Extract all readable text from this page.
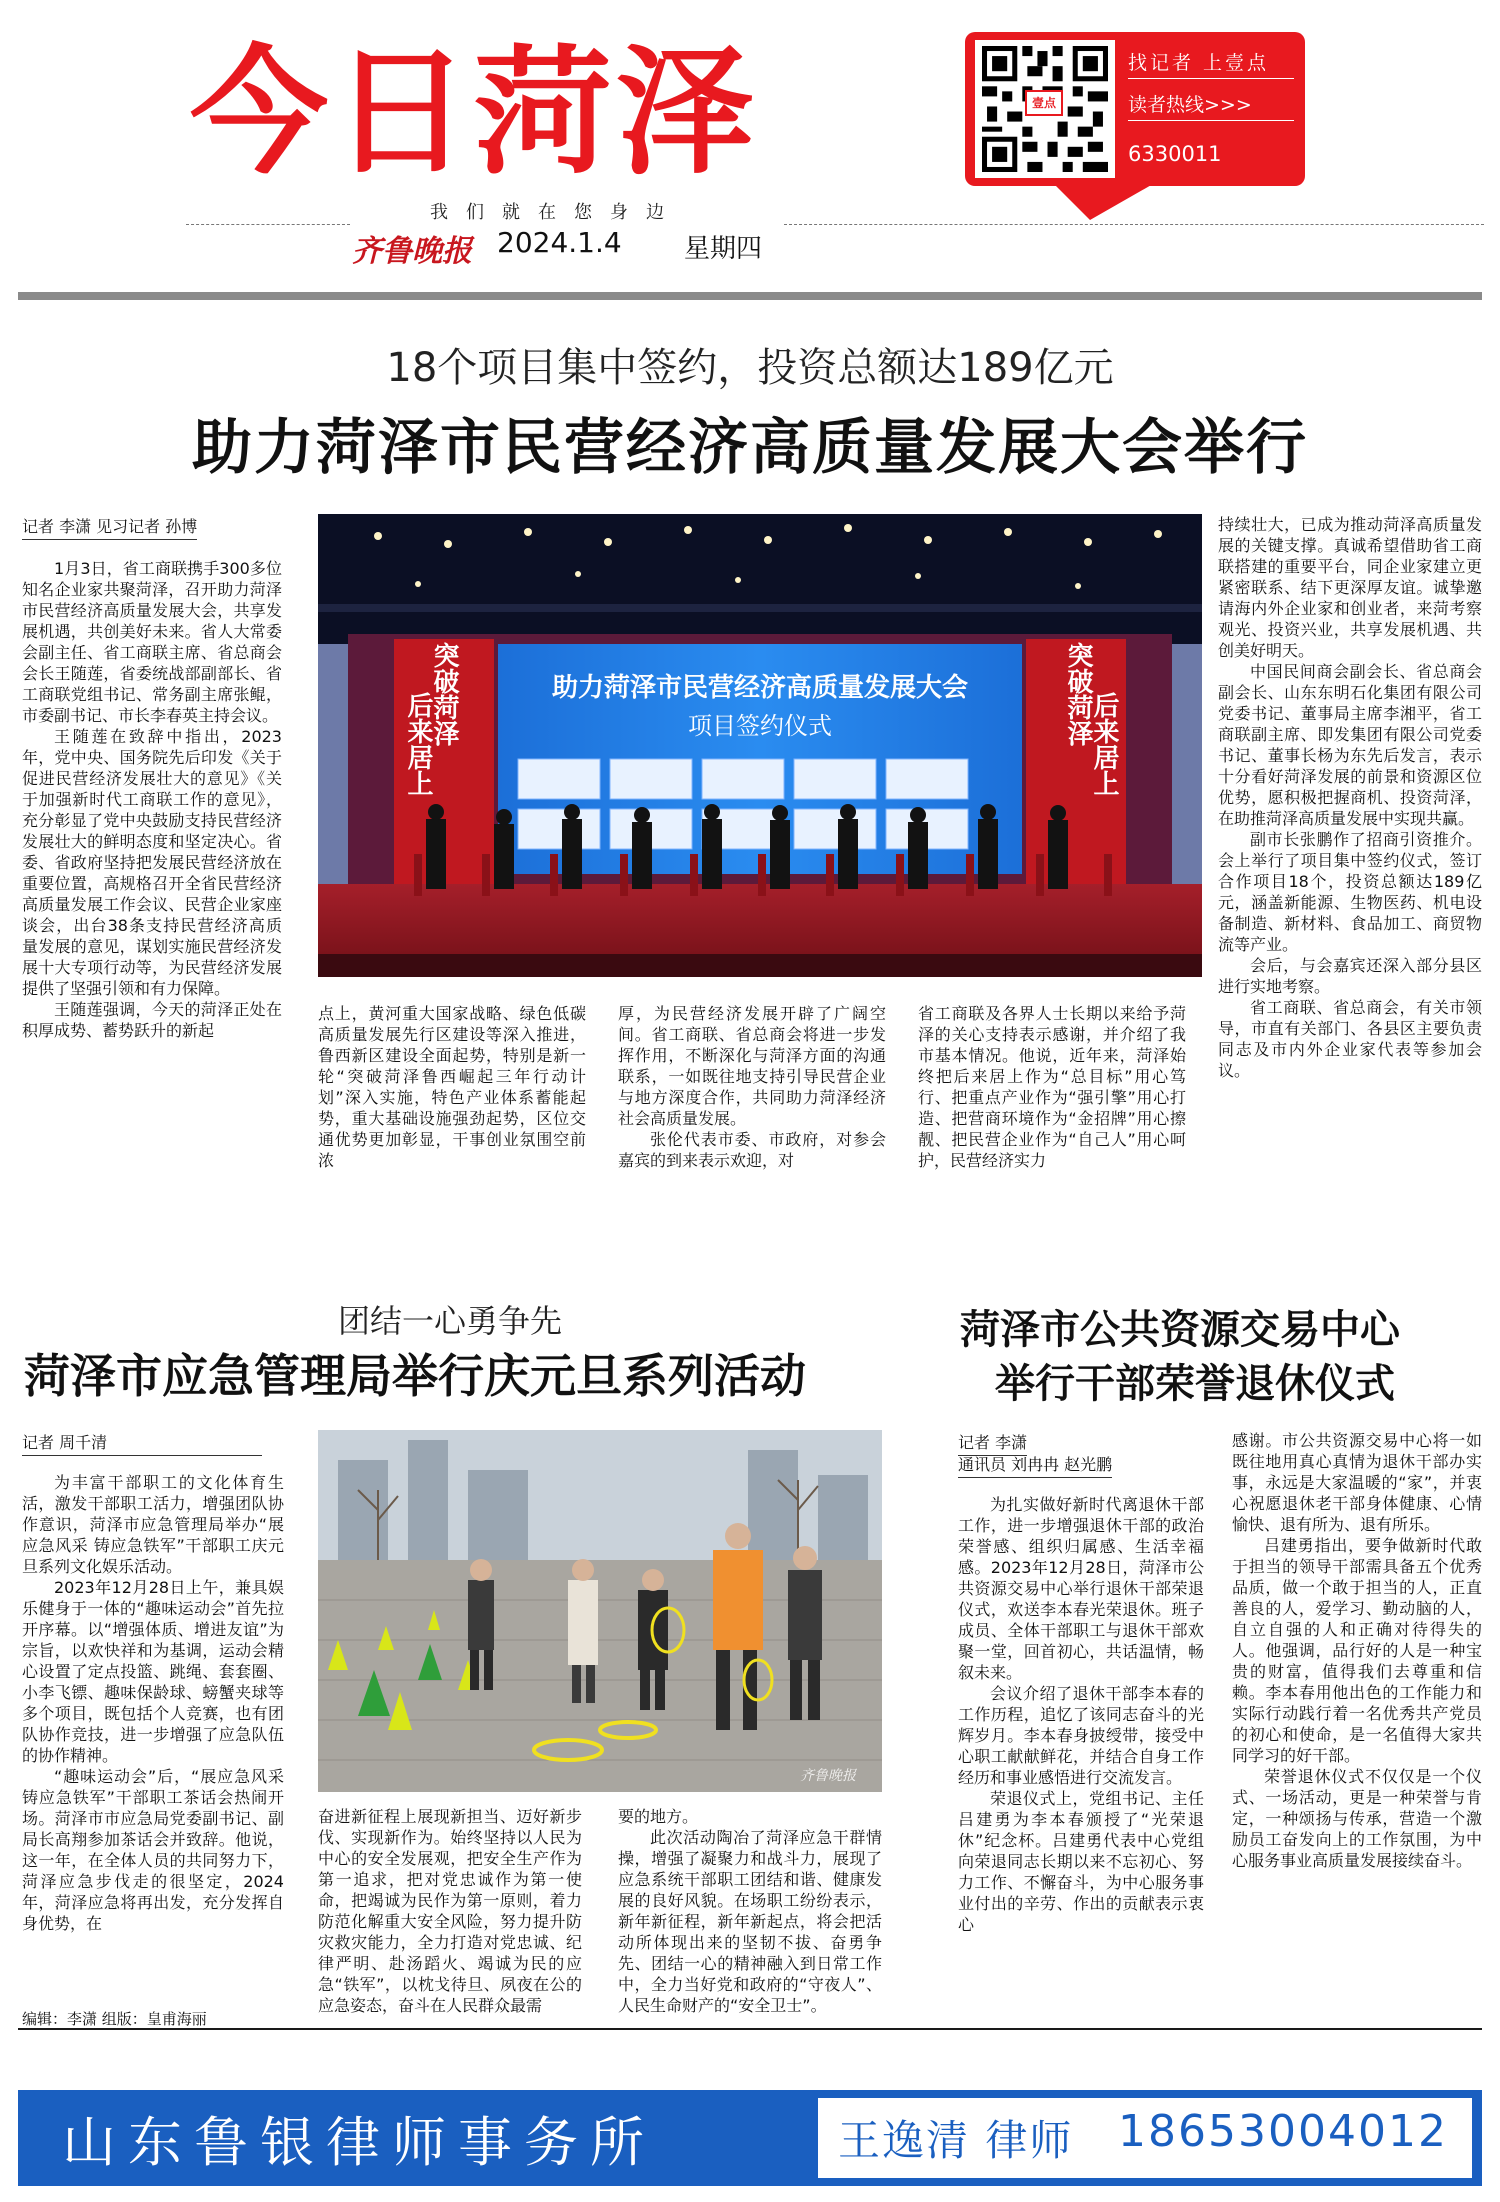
今日菏泽	壹点
找记者 上壹点
读者热线>>>
6330011
我们就在您身边
齐鲁晚报 2024.1.4 星期四
18个项目集中签约，投资总额达189亿元
助力菏泽市民营经济高质量发展大会举行
记者 李潇 见习记者 孙博

1月3日，省工商联携手300多位知名企业家共聚菏泽，召开助力菏泽市民营经济高质量发展大会，共享发展机遇，共创美好未来。省人大常委会副主任、省工商联主席、省总商会会长王随莲，省委统战部副部长、省工商联党组书记、常务副主席张鲲，市委副书记、市长李春英主持会议。

王随莲在致辞中指出，2023年，党中央、国务院先后印发《关于促进民营经济发展壮大的意见》《关于加强新时代工商联工作的意见》，充分彰显了党中央鼓励支持民营经济发展壮大的鲜明态度和坚定决心。省委、省政府坚持把发展民营经济放在重要位置，高规格召开全省民营经济高质量发展工作会议、民营企业家座谈会，出台38条支持民营经济高质量发展的意见，谋划实施民营经济发展十大专项行动等，为民营经济发展提供了坚强引领和有力保障。

王随莲强调，今天的菏泽正处在积厚成势、蓄势跃升的新起

突破菏泽
后来居上	突破菏泽
后来居上
助力菏泽市民营经济高质量发展大会
项目签约仪式

点上，黄河重大国家战略、绿色低碳高质量发展先行区建设等深入推进，鲁西新区建设全面起势，特别是新一轮“突破菏泽鲁西崛起三年行动计划”深入实施，特色产业体系蓄能起势，重大基础设施强劲起势，区位交通优势更加彰显，干事创业氛围空前浓

厚，为民营经济发展开辟了广阔空间。省工商联、省总商会将进一步发挥作用，不断深化与菏泽方面的沟通联系，一如既往地支持引导民营企业与地方深度合作，共同助力菏泽经济社会高质量发展。

张伦代表市委、市政府，对参会嘉宾的到来表示欢迎，对

省工商联及各界人士长期以来给予菏泽的关心支持表示感谢，并介绍了我市基本情况。他说，近年来，菏泽始终把后来居上作为“总目标”用心笃行、把重点产业作为“强引擎”用心打造、把营商环境作为“金招牌”用心擦靓、把民营企业作为“自己人”用心呵护，民营经济实力

持续壮大，已成为推动菏泽高质量发展的关键支撑。真诚希望借助省工商联搭建的重要平台，同企业家建立更紧密联系、结下更深厚友谊。诚挚邀请海内外企业家和创业者，来菏考察观光、投资兴业，共享发展机遇、共创美好明天。

中国民间商会副会长、省总商会副会长、山东东明石化集团有限公司党委书记、董事局主席李湘平，省工商联副主席、即发集团有限公司党委书记、董事长杨为东先后发言，表示十分看好菏泽发展的前景和资源区位优势，愿积极把握商机、投资菏泽，在助推菏泽高质量发展中实现共赢。

副市长张鹏作了招商引资推介。会上举行了项目集中签约仪式，签订合作项目18个，投资总额达189亿元，涵盖新能源、生物医药、机电设备制造、新材料、食品加工、商贸物流等产业。

会后，与会嘉宾还深入部分县区进行实地考察。

省工商联、省总商会，有关市领导，市直有关部门、各县区主要负责同志及市内外企业家代表等参加会议。

团结一心勇争先
菏泽市应急管理局举行庆元旦系列活动
记者 周千清

为丰富干部职工的文化体育生活，激发干部职工活力，增强团队协作意识，菏泽市应急管理局举办“展应急风采 铸应急铁军”干部职工庆元旦系列文化娱乐活动。

2023年12月28日上午，兼具娱乐健身于一体的“趣味运动会”首先拉开序幕。以“增强体质、增进友谊”为宗旨，以欢快祥和为基调，运动会精心设置了定点投篮、跳绳、套套圈、小李飞镖、趣味保龄球、螃蟹夹球等多个项目，既包括个人竞赛，也有团队协作竞技，进一步增强了应急队伍的协作精神。

“趣味运动会”后，“展应急风采 铸应急铁军”干部职工茶话会热闹开场。菏泽市市应急局党委副书记、副局长高翔参加茶话会并致辞。他说，这一年，在全体人员的共同努力下，菏泽应急步伐走的很坚定，2024年，菏泽应急将再出发，充分发挥自身优势，在

齐鲁晚报

奋进新征程上展现新担当、迈好新步伐、实现新作为。始终坚持以人民为中心的安全发展观，把安全生产作为第一追求，把对党忠诚作为第一使命，把竭诚为民作为第一原则，着力防范化解重大安全风险，努力提升防灾救灾能力，全力打造对党忠诚、纪律严明、赴汤蹈火、竭诚为民的应急“铁军”，以枕戈待旦、夙夜在公的应急姿态，奋斗在人民群众最需

要的地方。

此次活动陶冶了菏泽应急干群情操，增强了凝聚力和战斗力，展现了应急系统干部职工团结和谐、健康发展的良好风貌。在场职工纷纷表示，新年新征程，新年新起点，将会把活动所体现出来的坚韧不拔、奋勇争先、团结一心的精神融入到日常工作中，全力当好党和政府的“守夜人”、人民生命财产的“安全卫士”。

菏泽市公共资源交易中心
举行干部荣誉退休仪式
记者 李潇
通讯员 刘冉冉 赵光鹏

为扎实做好新时代离退休干部工作，进一步增强退休干部的政治荣誉感、组织归属感、生活幸福感。2023年12月28日，菏泽市公共资源交易中心举行退休干部荣退仪式，欢送李本春光荣退休。班子成员、全体干部职工与退休干部欢聚一堂，回首初心，共话温情，畅叙未来。

会议介绍了退休干部李本春的工作历程，追忆了该同志奋斗的光辉岁月。李本春身披绶带，接受中心职工献献鲜花，并结合自身工作经历和事业感悟进行交流发言。

荣退仪式上，党组书记、主任吕建勇为李本春颁授了“光荣退休”纪念杯。吕建勇代表中心党组向荣退同志长期以来不忘初心、努力工作、不懈奋斗，为中心服务事业付出的辛劳、作出的贡献表示衷心

感谢。市公共资源交易中心将一如既往地用真心真情为退休干部办实事，永远是大家温暖的“家”，并衷心祝愿退休老干部身体健康、心情愉快、退有所为、退有所乐。

吕建勇指出，要争做新时代敢于担当的领导干部需具备五个优秀品质，做一个敢于担当的人，正直善良的人，爱学习、勤动脑的人，自立自强的人和正确对待得失的人。他强调，品行好的人是一种宝贵的财富，值得我们去尊重和信赖。李本春用他出色的工作能力和实际行动践行着一名优秀共产党员的初心和使命，是一名值得大家共同学习的好干部。

荣誉退休仪式不仅仅是一个仪式、一场活动，更是一种荣誉与肯定，一种颂扬与传承，营造一个激励员工奋发向上的工作氛围，为中心服务事业高质量发展接续奋斗。

编辑：李潇 组版：皇甫海丽
山东鲁银律师事务所	王逸清 律师 18653004012
